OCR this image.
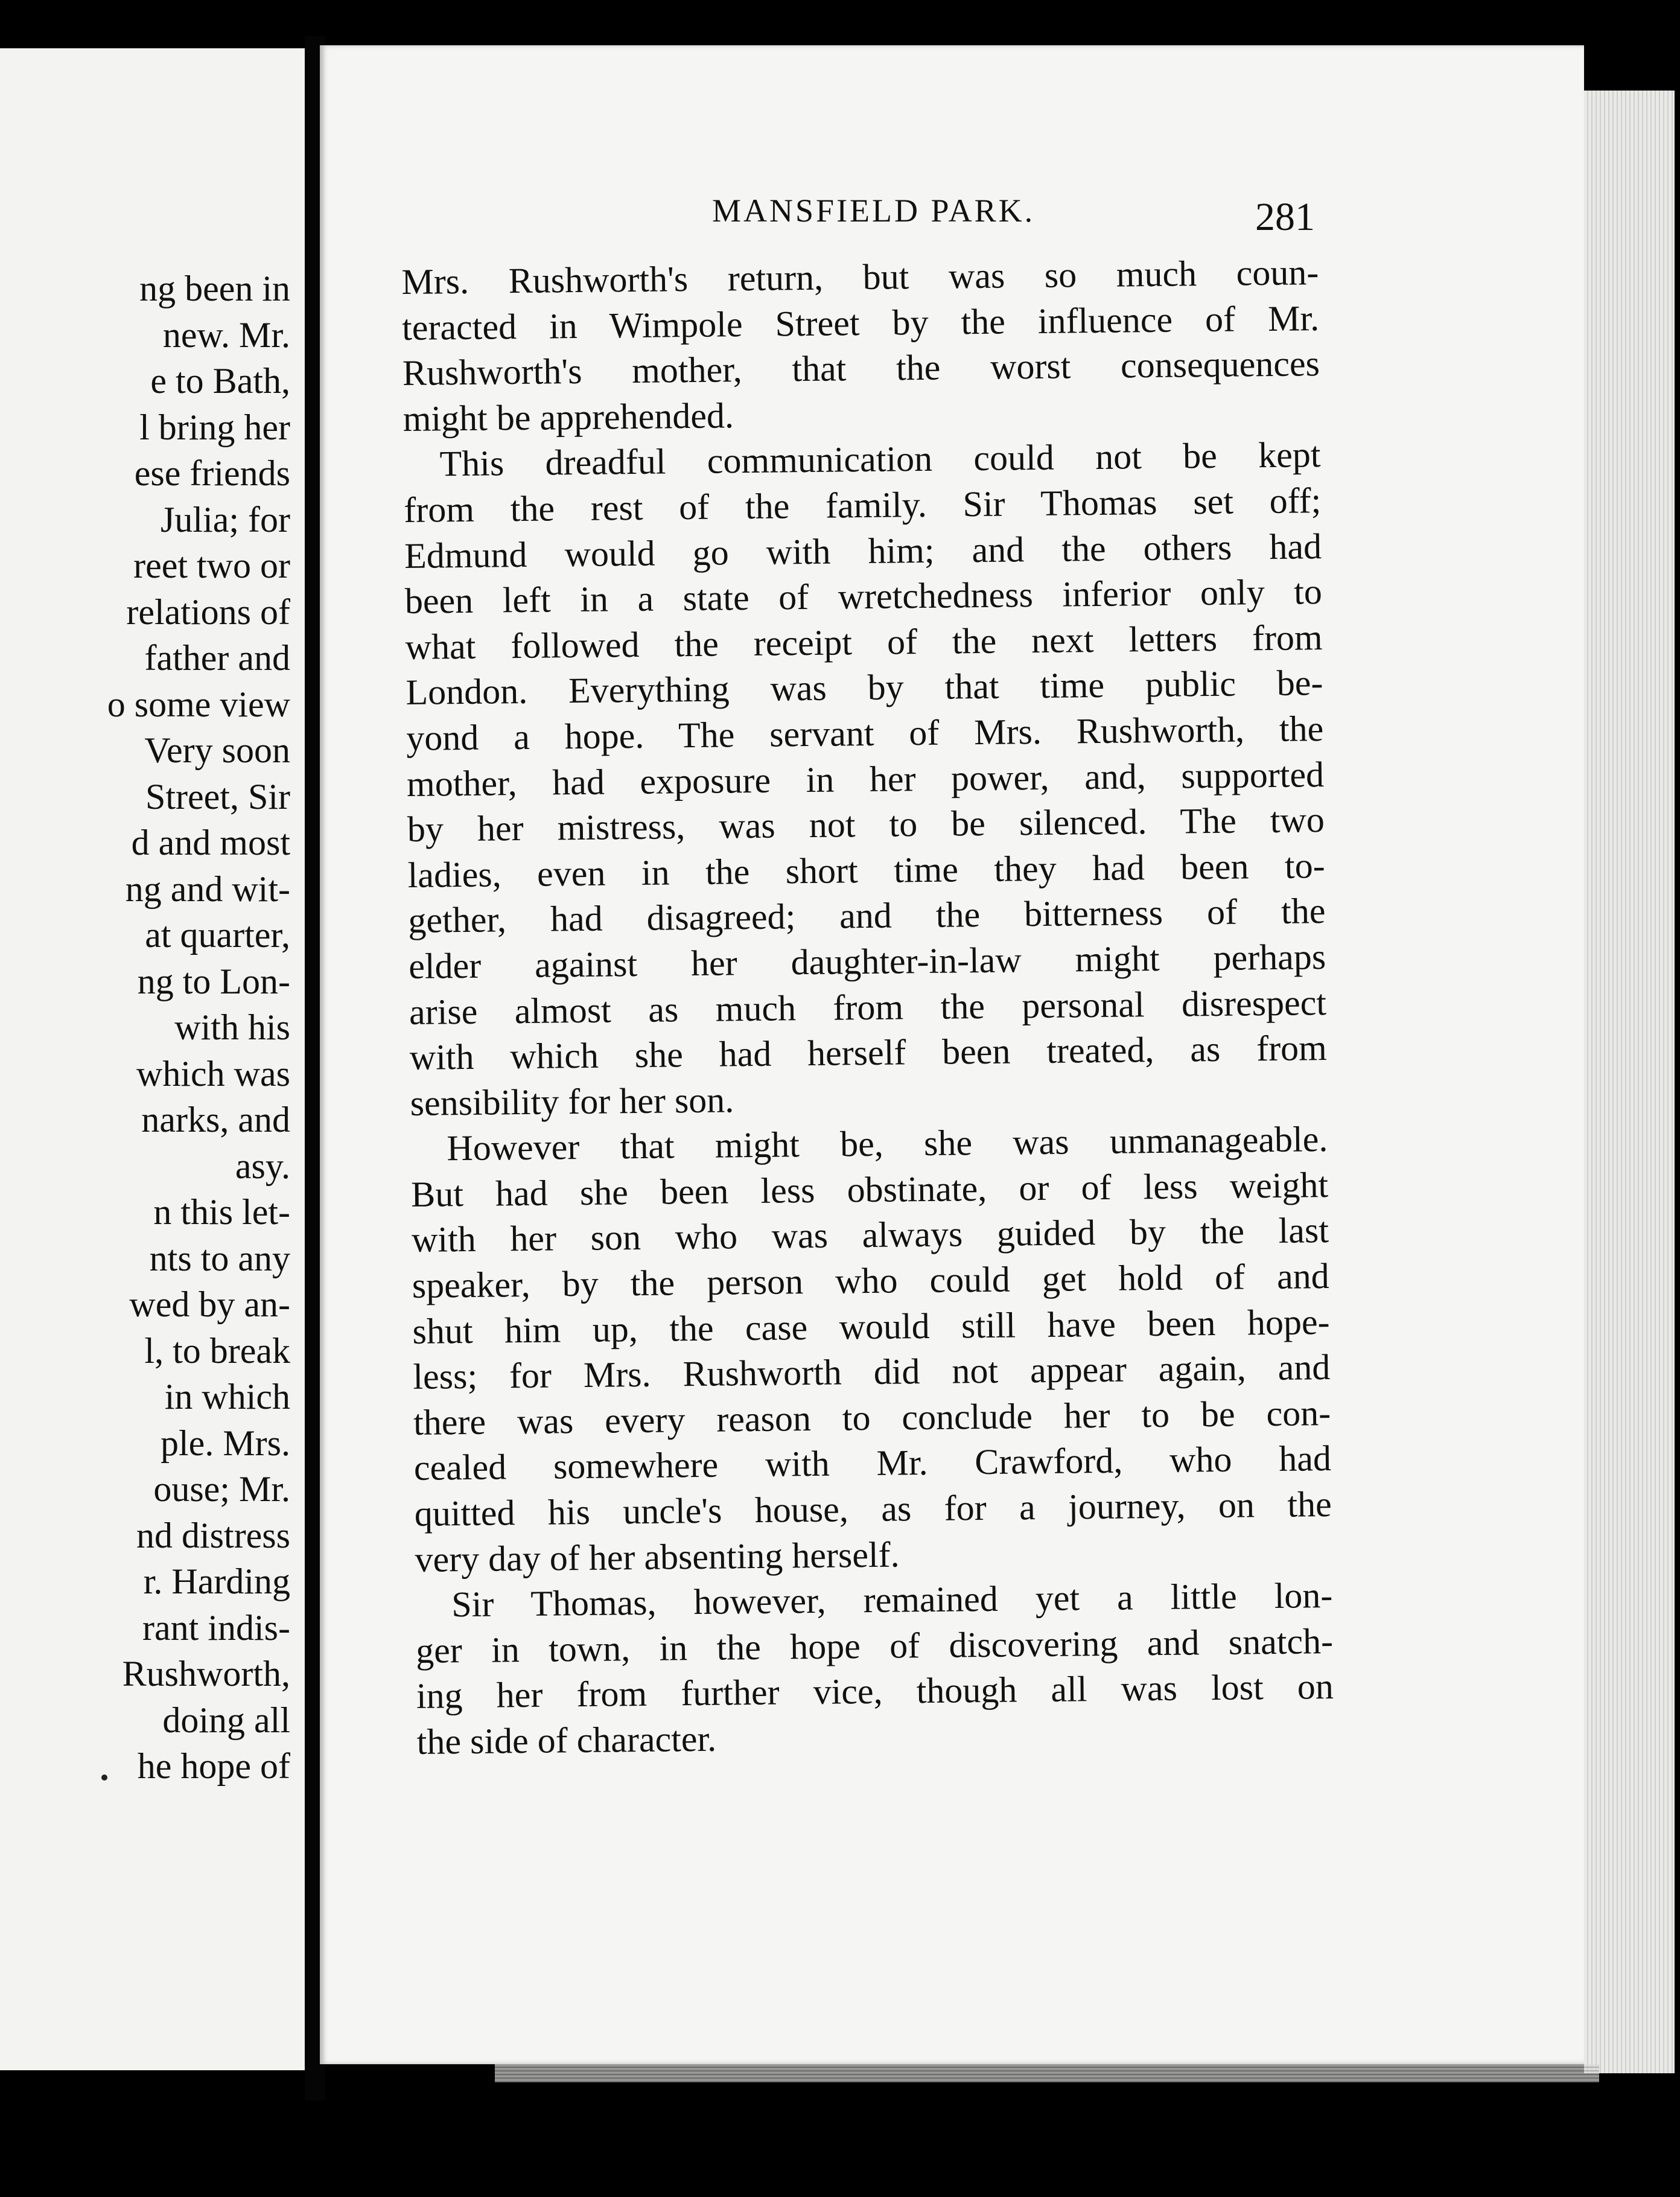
ng been in
new. Mr.
e to Bath,
l bring her
ese friends
Julia; for
reet two or
relations of
father and
o some view
Very soon
Street, Sir
d and most
ng and wit-
at quarter,
ng to Lon-
with his
which was
narks, and
asy.
n this let-
nts to any
wed by an-
l, to break
in which
ple. Mrs.
ouse; Mr.
nd distress
r. Harding
rant indis-
Rushworth,
doing all
he hope of
MANSFIELD PARK.	281
Mrs. Rushworth's return, but was so much coun-
teracted in Wimpole Street by the influence of Mr.
Rushworth's mother, that the worst consequences
might be apprehended.
This dreadful communication could not be kept
from the rest of the family. Sir Thomas set off;
Edmund would go with him; and the others had
been left in a state of wretchedness inferior only to
what followed the receipt of the next letters from
London. Everything was by that time public be-
yond a hope. The servant of Mrs. Rushworth, the
mother, had exposure in her power, and, supported
by her mistress, was not to be silenced. The two
ladies, even in the short time they had been to-
gether, had disagreed; and the bitterness of the
elder against her daughter-in-law might perhaps
arise almost as much from the personal disrespect
with which she had herself been treated, as from
sensibility for her son.
However that might be, she was unmanageable.
But had she been less obstinate, or of less weight
with her son who was always guided by the last
speaker, by the person who could get hold of and
shut him up, the case would still have been hope-
less; for Mrs. Rushworth did not appear again, and
there was every reason to conclude her to be con-
cealed somewhere with Mr. Crawford, who had
quitted his uncle's house, as for a journey, on the
very day of her absenting herself.
Sir Thomas, however, remained yet a little lon-
ger in town, in the hope of discovering and snatch-
ing her from further vice, though all was lost on
the side of character.
